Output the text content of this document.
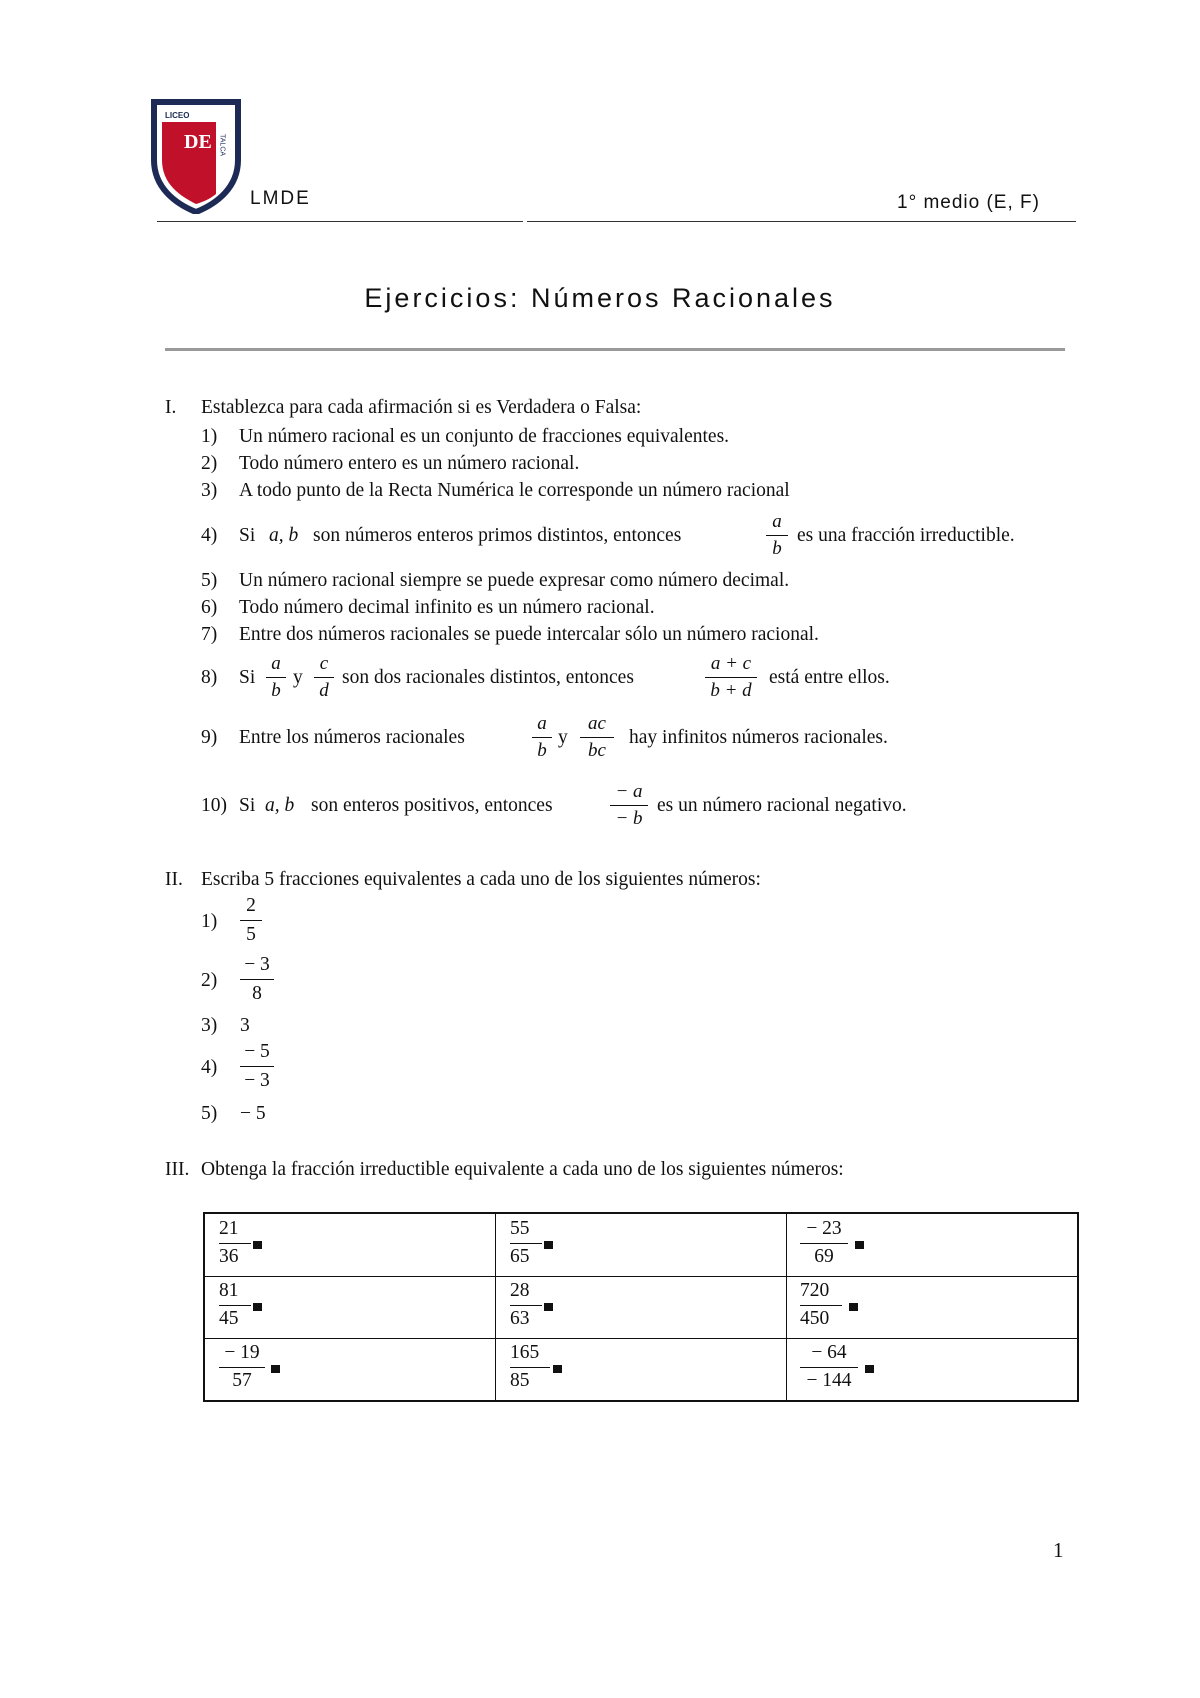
LICEO
DE TALCA
LMDE	1° medio (E, F)
Ejercicios: Números Racionales
I. Establezca para cada afirmación si es Verdadera o Falsa:
1) Un número racional es un conjunto de fracciones equivalentes.
2) Todo número entero es un número racional.
3) A todo punto de la Recta Numérica le corresponde un número racional
4) Si a, b son números enteros primos distintos, entonces
a
b
es una fracción irreductible.
5) Un número racional siempre se puede expresar como número decimal.
6) Todo número decimal infinito es un número racional.
7) Entre dos números racionales se puede intercalar sólo un número racional.
8) Si
a
b
y
c
d
son dos racionales distintos, entonces
a + c
b + d
está entre ellos.
9) Entre los números racionales
a
b
y
ac
bc
hay infinitos números racionales.
10) Si a, b son enteros positivos, entonces
− a
− b
es un número racional negativo.
II. Escriba 5 fracciones equivalentes a cada uno de los siguientes números:
1)
2
5
2)
− 3
8
3) 3
4)
− 5
− 3
5) − 5
III. Obtenga la fracción irreductible equivalente a cada uno de los siguientes números:
21
36
55
65
− 23
69
81
45
28
63
720
450
− 19
57
165
85
− 64
− 144
1
